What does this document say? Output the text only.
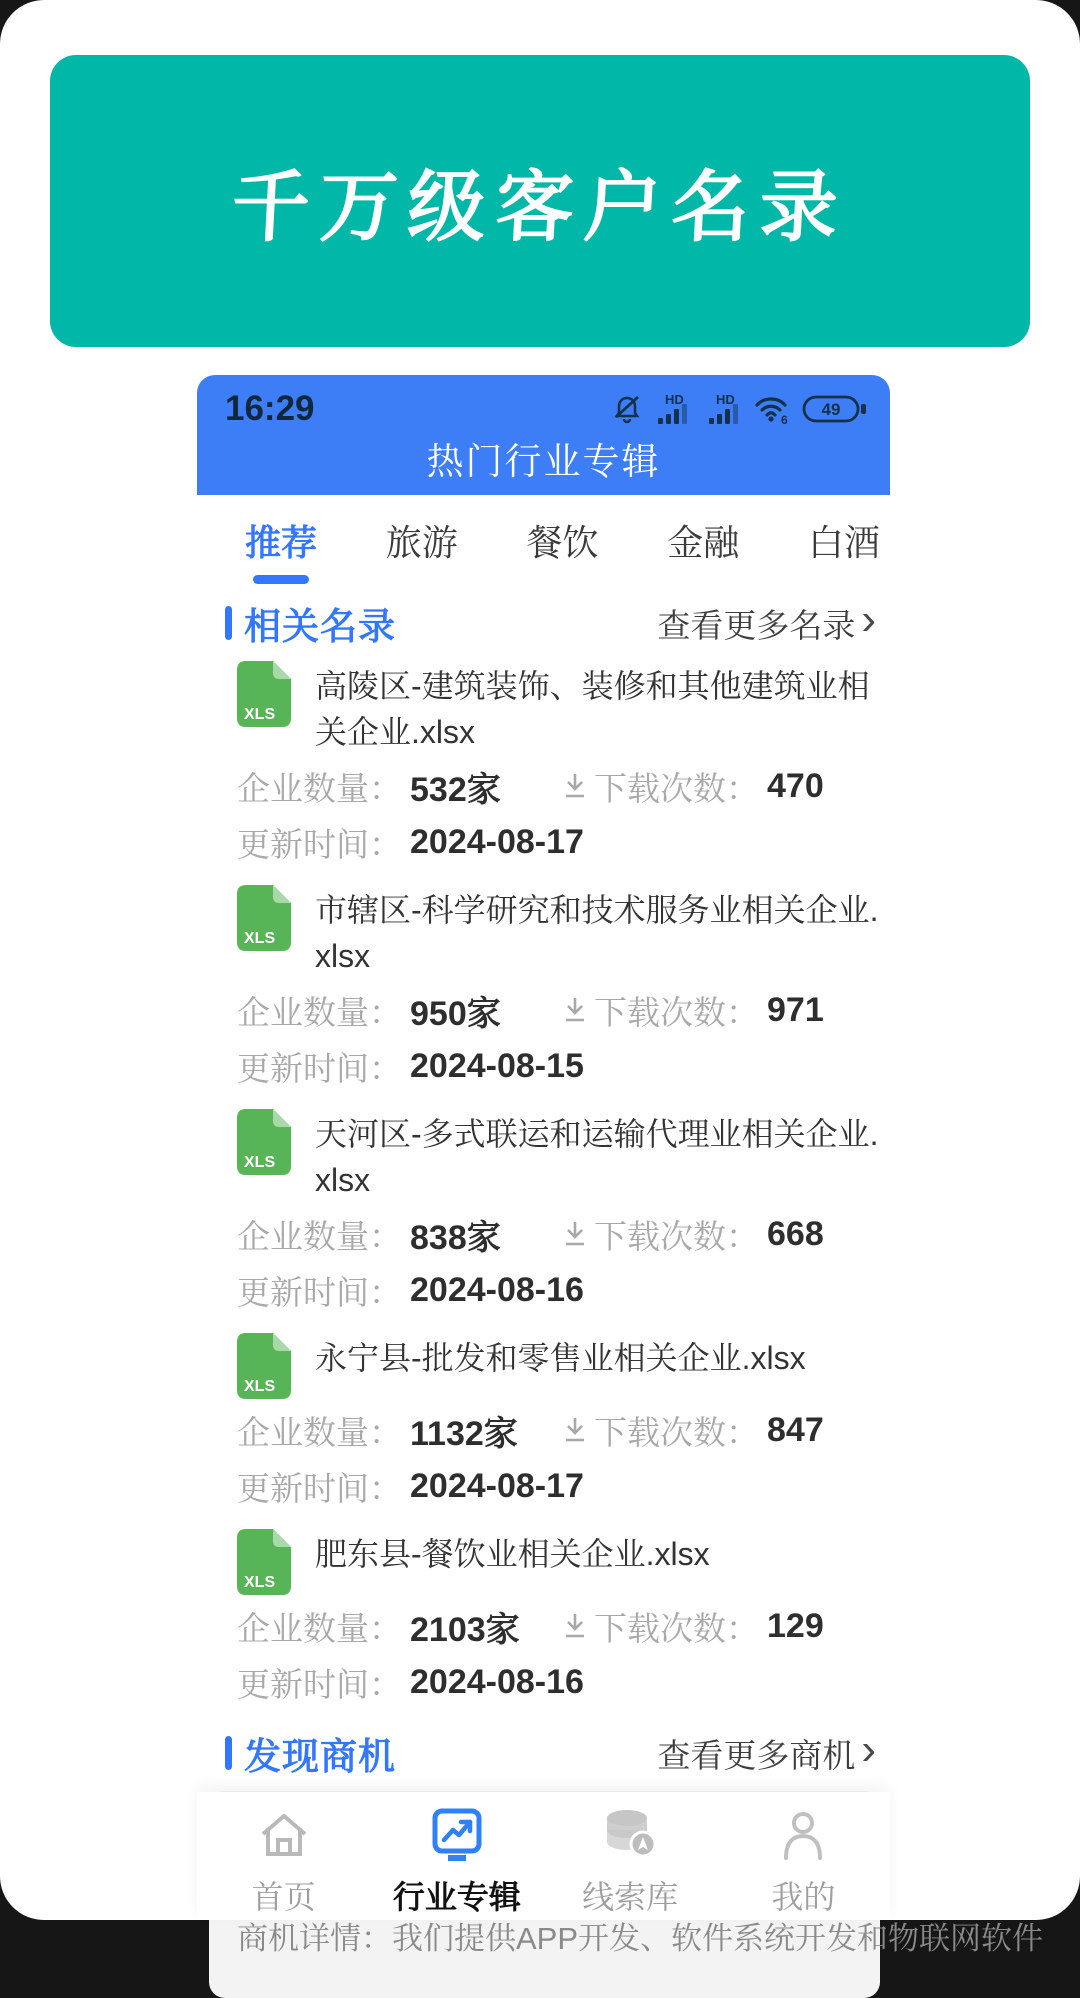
千万级客户名录
16:29	HD HD
6
49
热门行业专辑
推荐 旅游 餐饮 金融 白酒
相关名录	查看更多名录 ›
XLS
高陵区-建筑装饰、装修和其他建筑业相关企业.xlsx
企业数量： 532家	下载次数： 470
更新时间： 2024-08-17
XLS
市辖区-科学研究和技术服务业相关企业.xlsx
企业数量： 950家	下载次数： 971
更新时间： 2024-08-15
XLS
天河区-多式联运和运输代理业相关企业.xlsx
企业数量： 838家	下载次数： 668
更新时间： 2024-08-16
XLS
永宁县-批发和零售业相关企业.xlsx
企业数量： 1132家 下载次数： 847
更新时间： 2024-08-17
XLS
肥东县-餐饮业相关企业.xlsx
企业数量： 2103家 下载次数： 129
更新时间： 2024-08-16
发现商机	查看更多商机 ›
商机详情：我们提供APP开发、软件系统开发和物联网软件
首页 行业专辑 线索库	我的
